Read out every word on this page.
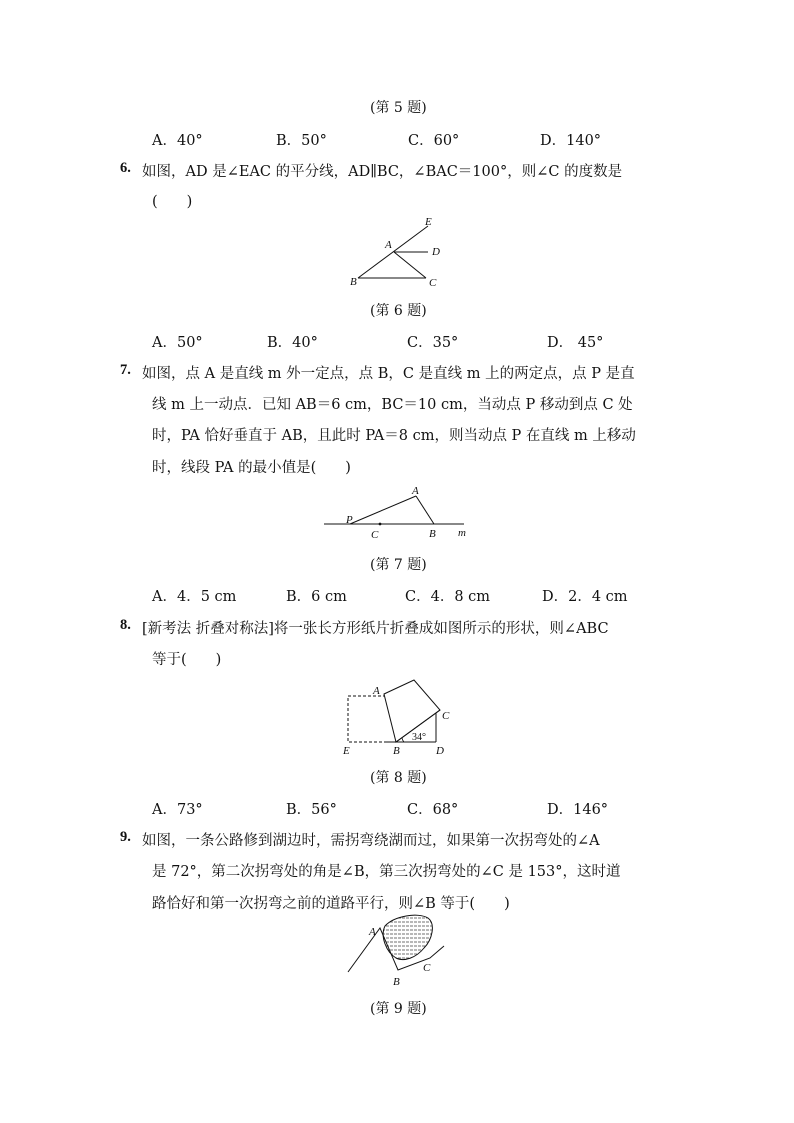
(第 5 题)
A．40°	B．50°	C．60°	D．140°
6. 如图，AD 是∠EAC 的平分线，AD∥BC，∠BAC＝100°，则∠C 的度数是
(　　)
E
A
D
B	C
(第 6 题)
A．50°	B．40°	C．35°	D． 45°
7. 如图，点 A 是直线 m 外一定点，点 B，C 是直线 m 上的两定点，点 P 是直
线 m 上一动点．已知 AB＝6 cm，BC＝10 cm，当动点 P 移动到点 C 处
时，PA 恰好垂直于 AB，且此时 PA＝8 cm，则当动点 P 在直线 m 上移动
时，线段 PA 的最小值是(　　)
A
P
C	B m
(第 7 题)
A．4．5 cm	B．6 cm	C．4．8 cm	D．2．4 cm
8. [新考法 折叠对称法]将一张长方形纸片折叠成如图所示的形状，则∠ABC
等于(　　)
A
C
E	B	D
34°
(第 8 题)
A．73°	B．56°	C．68°	D．146°
9. 如图，一条公路修到湖边时，需拐弯绕湖而过，如果第一次拐弯处的∠A
是 72°，第二次拐弯处的角是∠B，第三次拐弯处的∠C 是 153°，这时道
路恰好和第一次拐弯之前的道路平行，则∠B 等于(　　)
A
B
C
(第 9 题)
